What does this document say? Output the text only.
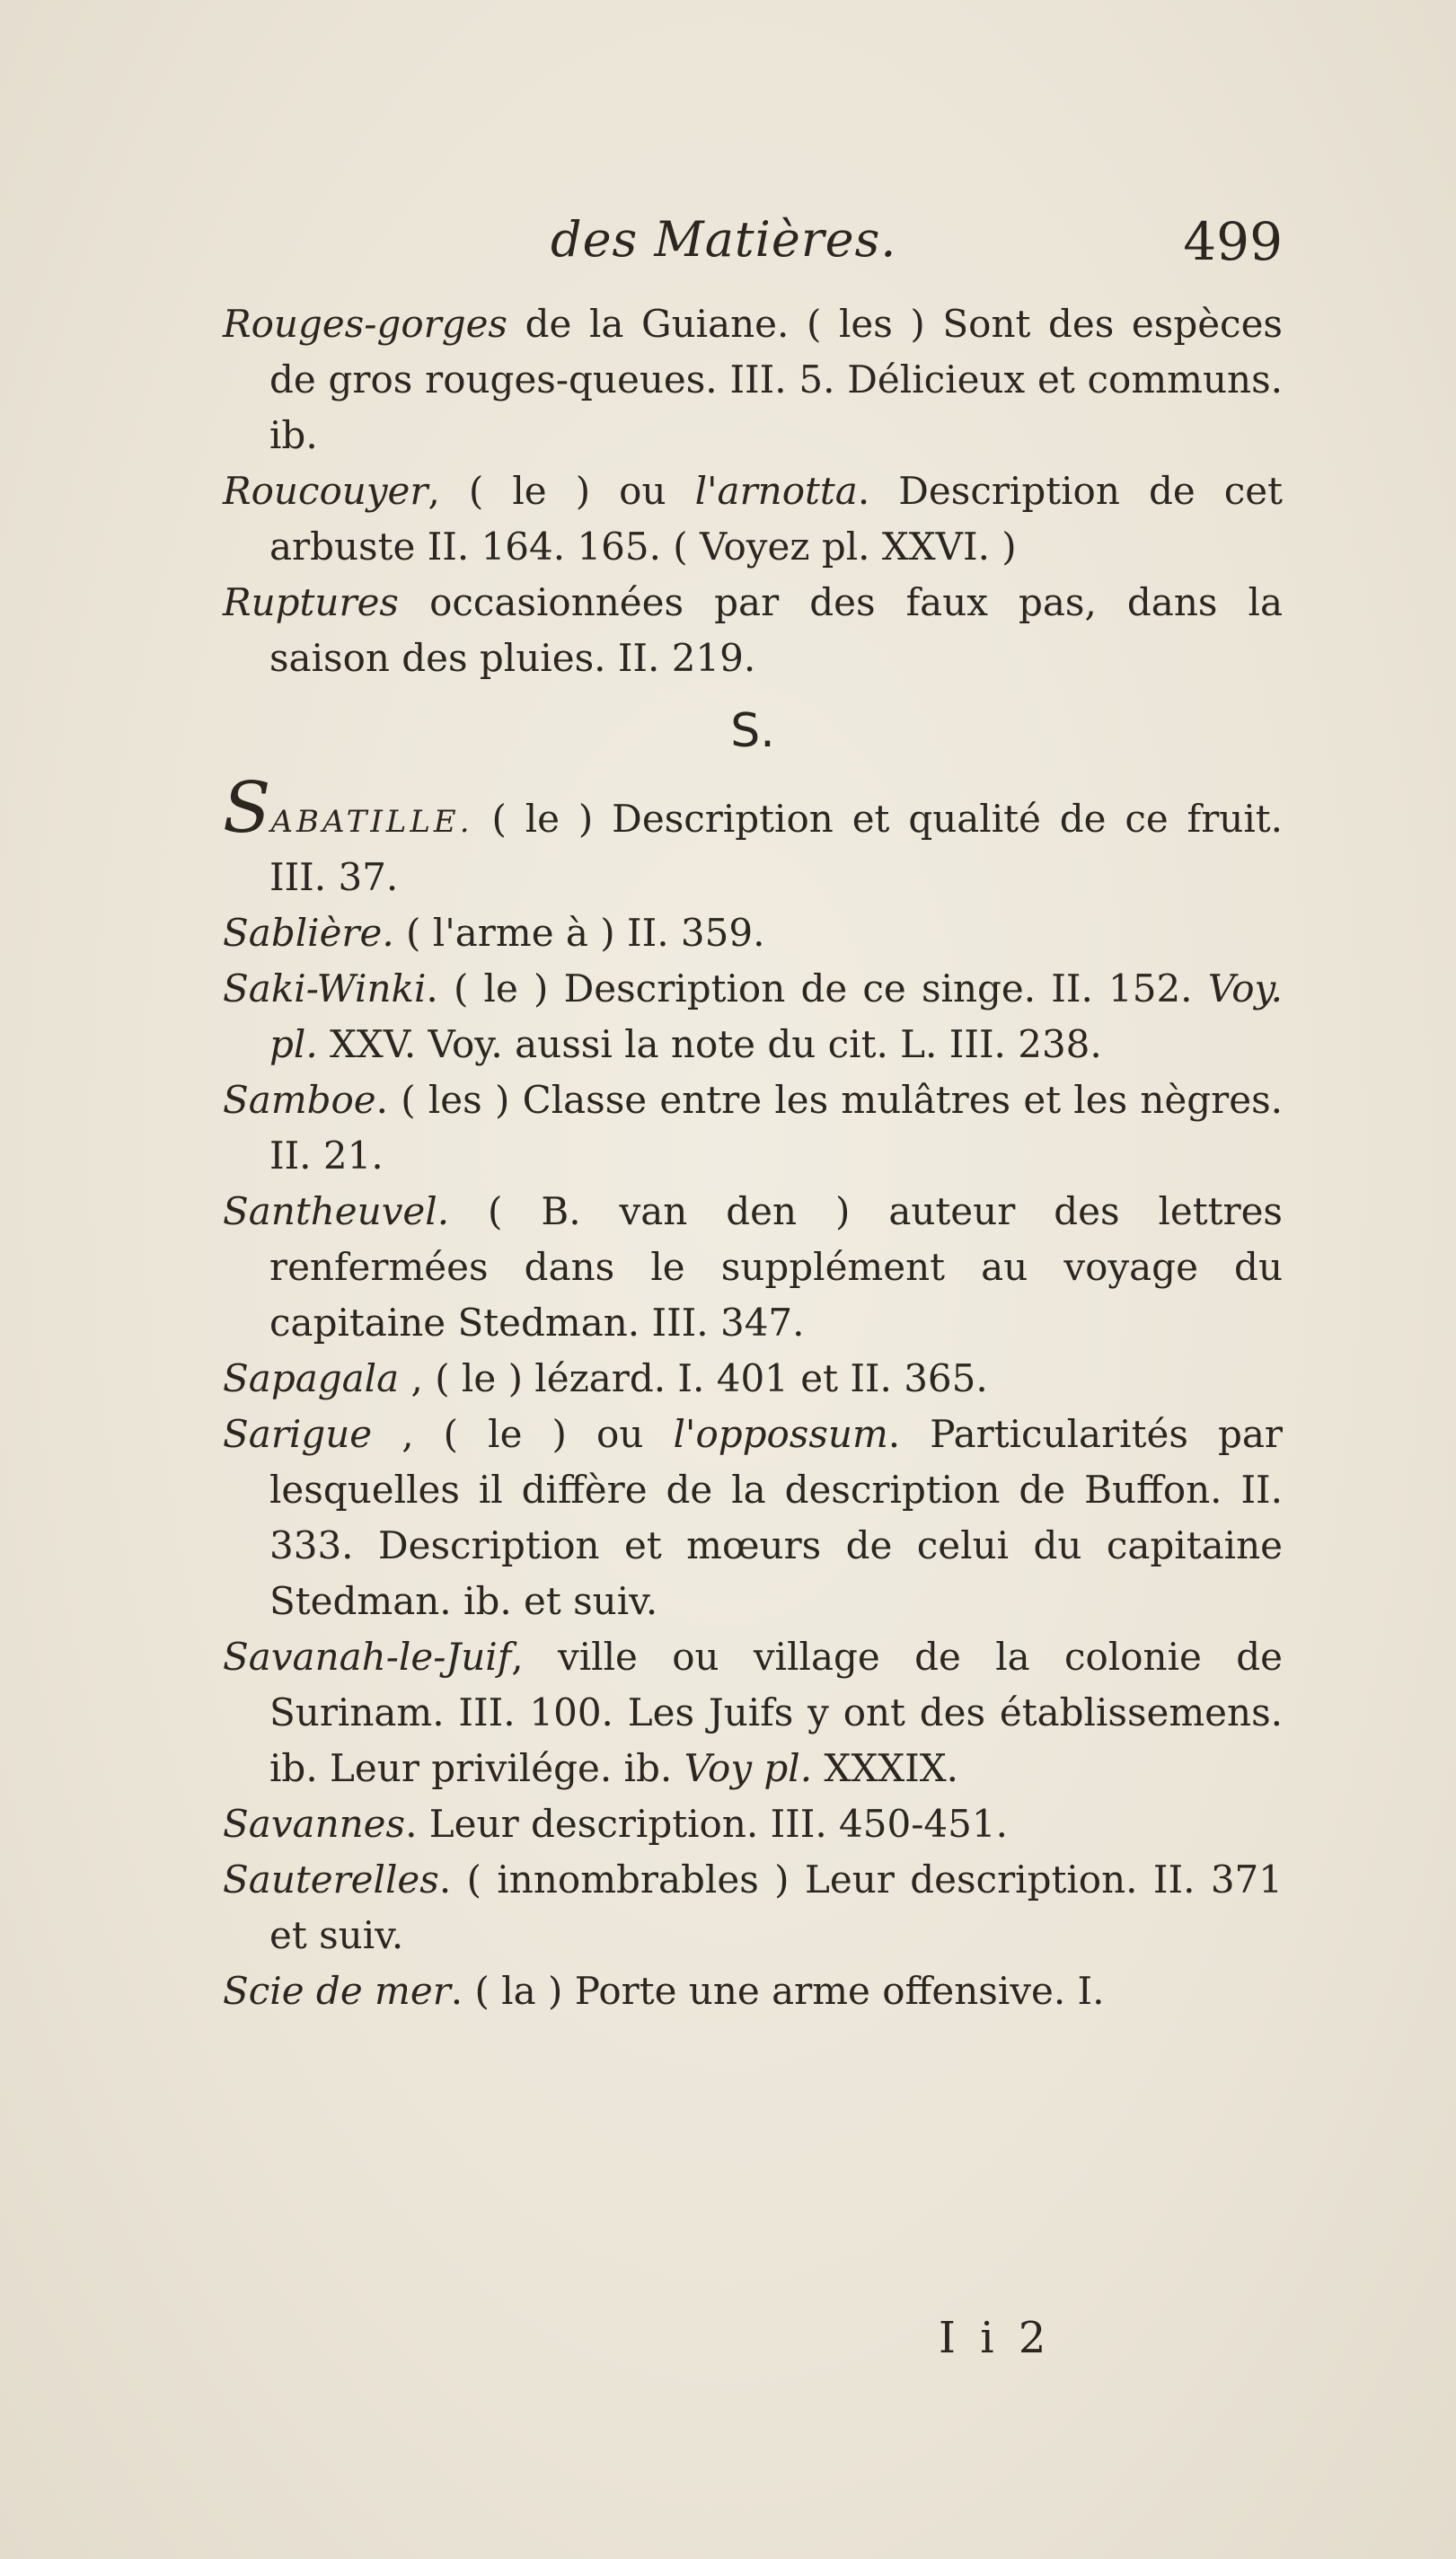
des Matières.	499

Rouges-gorges de la Guiane. ( les ) Sont des espèces de gros rouges-queues. III. 5. Délicieux et communs. ib.

Roucouyer, ( le ) ou l'arnotta. Description de cet arbuste II. 164. 165. ( Voyez pl. XXVI. )

Ruptures occasionnées par des faux pas, dans la saison des pluies. II. 219.

S.

SABATILLE. ( le ) Description et qualité de ce fruit. III. 37.

Sablière. ( l'arme à ) II. 359.

Saki-Winki. ( le ) Description de ce singe. II. 152. Voy. pl. XXV. Voy. aussi la note du cit. L. III. 238.

Samboe. ( les ) Classe entre les mulâtres et les nègres. II. 21.

Santheuvel. ( B. van den ) auteur des lettres renfermées dans le supplément au voyage du capitaine Stedman. III. 347.

Sapagala , ( le ) lézard. I. 401 et II. 365.

Sarigue , ( le ) ou l'oppossum. Particularités par lesquelles il diffère de la description de Buffon. II. 333. Description et mœurs de celui du capitaine Stedman. ib. et suiv.

Savanah-le-Juif, ville ou village de la colonie de Surinam. III. 100. Les Juifs y ont des établissemens. ib. Leur privilége. ib. Voy pl. XXXIX.

Savannes. Leur description. III. 450-451.

Sauterelles. ( innombrables ) Leur description. II. 371 et suiv.

Scie de mer. ( la ) Porte une arme offensive. I.

I i 2
